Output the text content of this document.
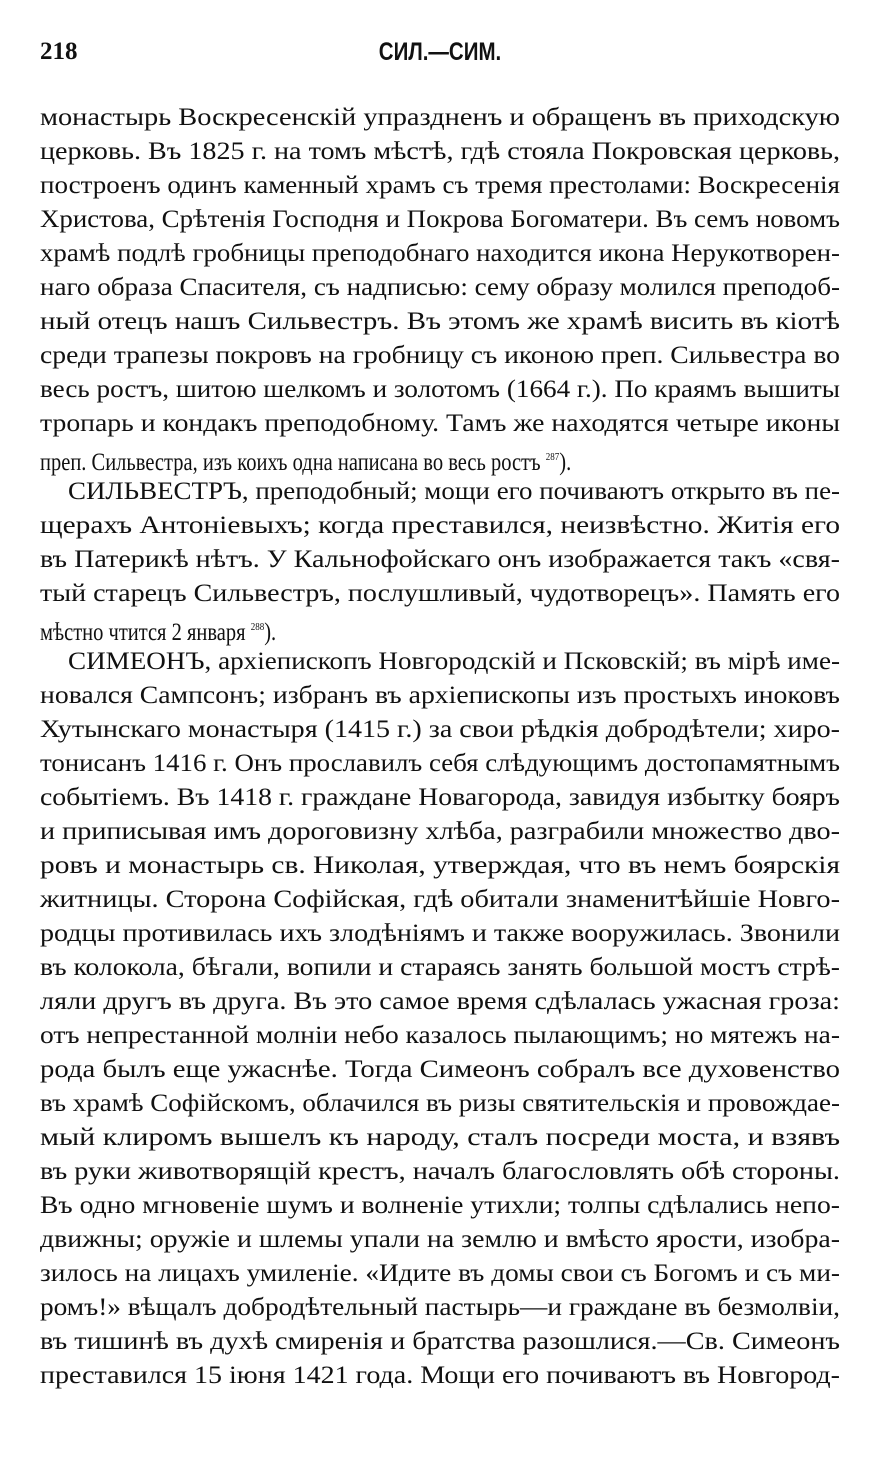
218	СИЛ.—СИМ.
монастырь Воскресенскій упраздненъ и обращенъ въ приходскую
церковь. Въ 1825 г. на томъ мѣстѣ, гдѣ стояла Покровская церковь,
построенъ одинъ каменный храмъ съ тремя престолами: Воскресенія
Христова, Срѣтенія Господня и Покрова Богоматери. Въ семъ новомъ
храмѣ подлѣ гробницы преподобнаго находится икона Нерукотворен-
наго образа Спасителя, съ надписью: сему образу молился преподоб-
ный отецъ нашъ Сильвестръ. Въ этомъ же храмѣ висить въ кіотѣ
среди трапезы покровъ на гробницу съ иконою преп. Сильвестра во
весь ростъ, шитою шелкомъ и золотомъ (1664 г.). По краямъ вышиты
тропарь и кондакъ преподобному. Тамъ же находятся четыре иконы
преп. Сильвестра, изъ коихъ одна написана во весь ростъ $^{287}$).
СИЛЬВЕСТРЪ, преподобный; мощи его почиваютъ открыто въ пе-
щерахъ Антоніевыхъ; когда преставился, неизвѣстно. Житія его
въ Патерикѣ нѣтъ. У Кальнофойскаго онъ изображается такъ «свя-
тый старецъ Сильвестръ, послушливый, чудотворецъ». Память его
мѣстно чтится 2 января $^{288}$).
СИМЕОНЪ, архіепископъ Новгородскій и Псковскій; въ мірѣ име-
новался Сампсонъ; избранъ въ архіепископы изъ простыхъ иноковъ
Хутынскаго монастыря (1415 г.) за свои рѣдкія добродѣтели; хиро-
тонисанъ 1416 г. Онъ прославилъ себя слѣдующимъ достопамятнымъ
событіемъ. Въ 1418 г. граждане Новагорода, завидуя избытку бояръ
и приписывая имъ дороговизну хлѣба, разграбили множество дво-
ровъ и монастырь св. Николая, утверждая, что въ немъ боярскія
житницы. Сторона Софійская, гдѣ обитали знаменитѣйшіе Новго-
родцы противилась ихъ злодѣніямъ и также вооружилась. Звонили
въ колокола, бѣгали, вопили и стараясь занять большой мостъ стрѣ-
ляли другъ въ друга. Въ это самое время сдѣлалась ужасная гроза:
отъ непрестанной молніи небо казалось пылающимъ; но мятежъ на-
рода былъ еще ужаснѣе. Тогда Симеонъ собралъ все духовенство
въ храмѣ Софійскомъ, облачился въ ризы святительскія и провождае-
мый клиромъ вышелъ къ народу, сталъ посреди моста, и взявъ
въ руки животворящій крестъ, началъ благословлять обѣ стороны.
Въ одно мгновеніе шумъ и волненіе утихли; толпы сдѣлались непо-
движны; оружіе и шлемы упали на землю и вмѣсто ярости, изобра-
зилось на лицахъ умиленіе. «Идите въ домы свои съ Богомъ и съ ми-
ромъ!» вѣщалъ добродѣтельный пастырь—и граждане въ безмолвіи,
въ тишинѣ въ духѣ смиренія и братства разошлися.—Св. Симеонъ
преставился 15 іюня 1421 года. Мощи его почиваютъ въ Новгород-
